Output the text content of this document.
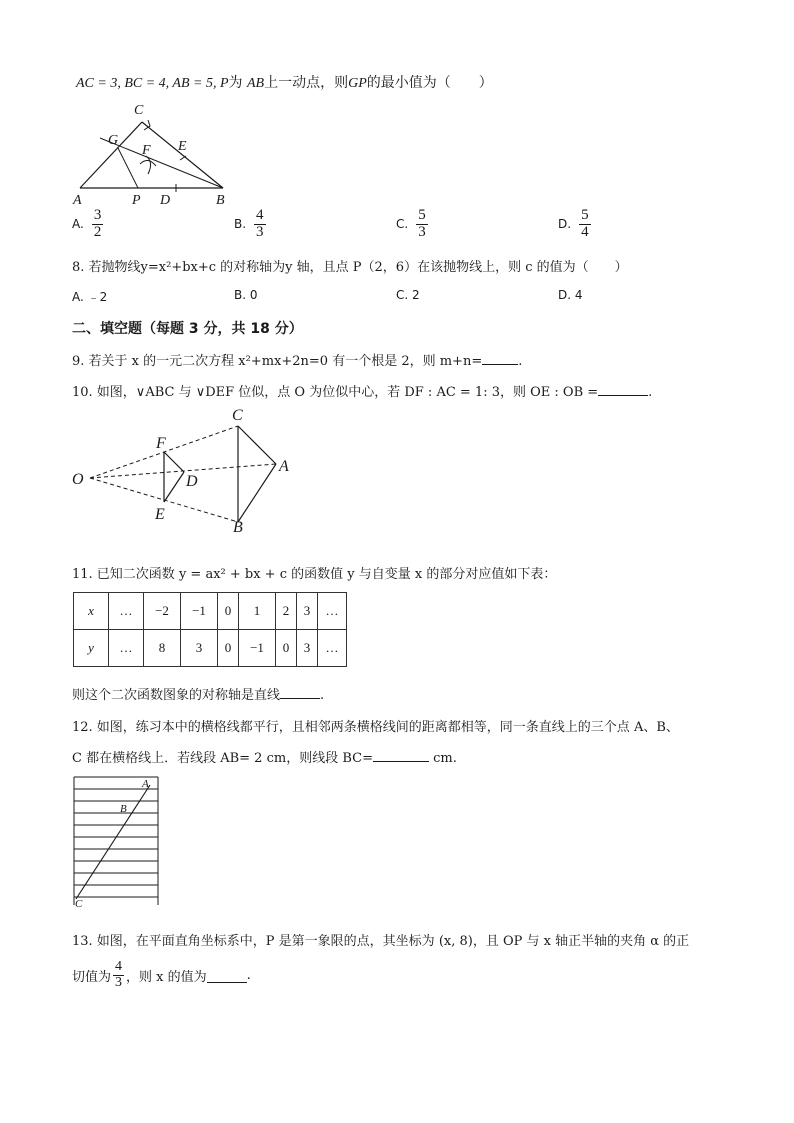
AC = 3, BC = 4, AB = 5, P为 AB上一动点，则GP的最小值为（　　）
C
G	E
F
A	P D	B
A. $\frac{3}{2}$	B. $\frac{4}{3}$	C. $\frac{5}{3}$	D. $\frac{5}{4}$
8. 若抛物线y=x²+bx+c 的对称轴为y 轴，且点 P（2，6）在该抛物线上，则 c 的值为（　　）
A. ﹣2	B. 0	C. 2	D. 4
二、填空题（每题 3 分，共 18 分）
9. 若关于 x 的一元二次方程 x²+mx+2n=0 有一个根是 2，则 m+n=	.
10. 如图，∨ABC 与 ∨DEF 位似，点 O 为位似中心，若 DF : AC = 1: 3，则 OE : OB =	.
O
F
D
E
C
A
B
11. 已知二次函数 y = ax² + bx + c 的函数值 y 与自变量 x 的部分对应值如下表：
x	…	−2	−1	0	1	2	3	…
y	…	8	3	0	−1	0	3	…
则这个二次函数图象的对称轴是直线	.
12. 如图，练习本中的横格线都平行，且相邻两条横格线间的距离都相等，同一条直线上的三个点 A、B、
C 都在横格线上．若线段 AB= 2 cm，则线段 BC=	cm.
A
B
C
13. 如图，在平面直角坐标系中，P 是第一象限的点，其坐标为 (x, 8)，且 OP 与 x 轴正半轴的夹角 α 的正
切值为 $\frac{4}{3}$ ，则 x 的值为	.
